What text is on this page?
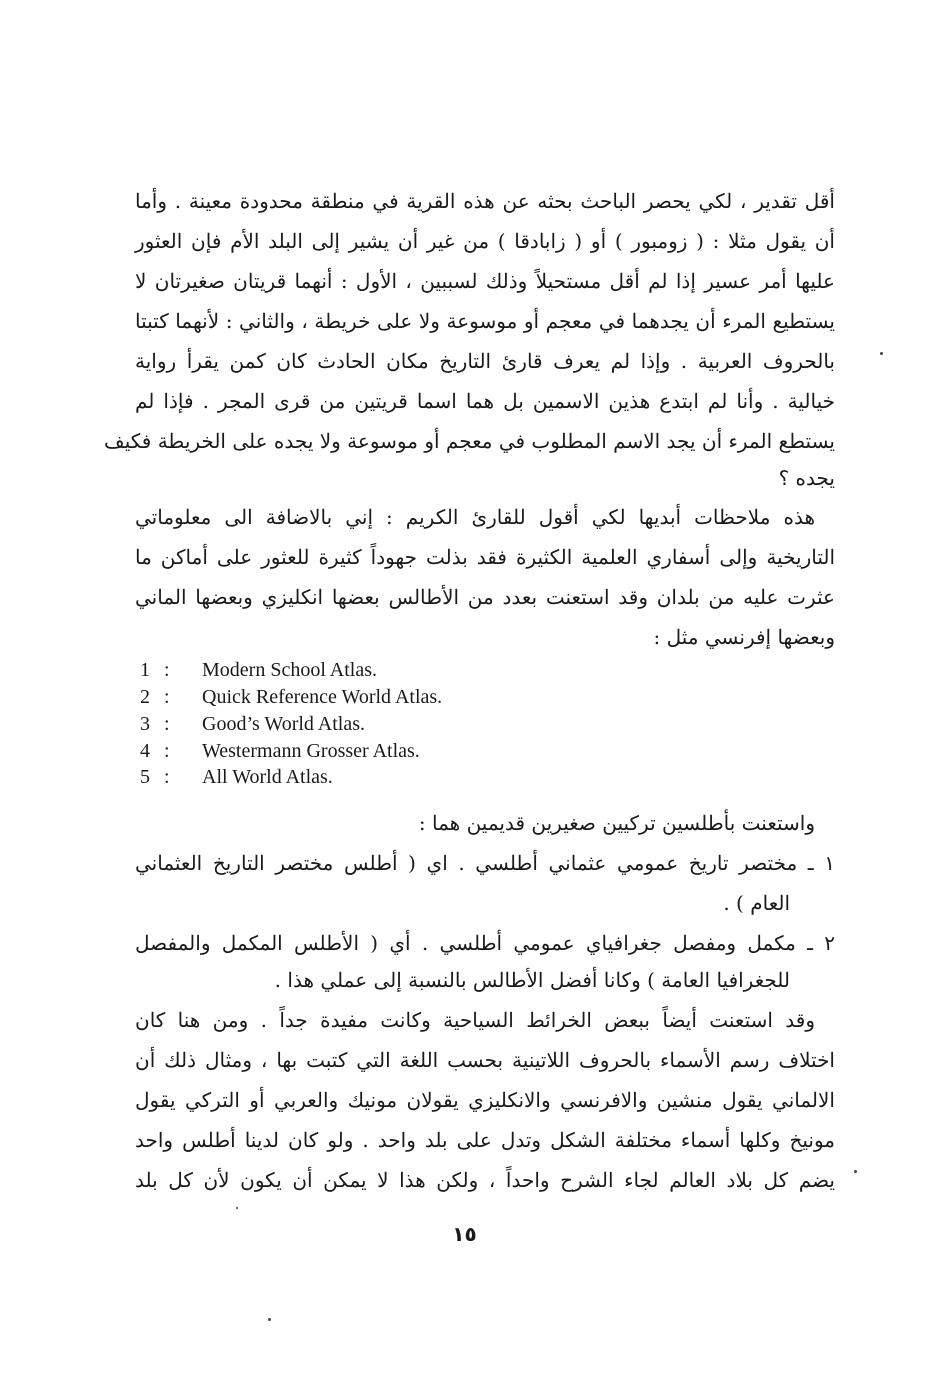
أقل تقدير ، لكي يحصر الباحث بحثه عن هذه القرية في منطقة محدودة معينة . وأما
أن يقول مثلا : ( زومبور ) أو ( زابادقا ) من غير أن يشير إلى البلد الأم فإن العثور
عليها أمر عسير إذا لم أقل مستحيلاً وذلك لسببين ، الأول : أنهما قريتان صغيرتان لا
يستطيع المرء أن يجدهما في معجم أو موسوعة ولا على خريطة ، والثاني : لأنهما كتبتا
بالحروف العربية . وإذا لم يعرف قارئ التاريخ مكان الحادث كان كمن يقرأ رواية
خيالية . وأنا لم ابتدع هذين الاسمين بل هما اسما قريتين من قرى المجر . فإذا لم
يستطع المرء أن يجد الاسم المطلوب في معجم أو موسوعة ولا يجده على الخريطة فكيف
يجده ؟
هذه ملاحظات أبديها لكي أقول للقارئ الكريم : إني بالاضافة الى معلوماتي
التاريخية وإلى أسفاري العلمية الكثيرة فقد بذلت جهوداً كثيرة للعثور على أماكن ما
عثرت عليه من بلدان وقد استعنت بعدد من الأطالس بعضها انكليزي وبعضها الماني
وبعضها إفرنسي مثل :
1 : Modern School Atlas.
2 : Quick Reference World Atlas.
3 : Good’s World Atlas.
4 : Westermann Grosser Atlas.
5 : All World Atlas.
واستعنت بأطلسين تركيين صغيرين قديمين هما :
١ ـ مختصر تاريخ عمومي عثماني أطلسي . اي ( أطلس مختصر التاريخ العثماني
العام ) .
٢ ـ مكمل ومفصل جغرافياي عمومي أطلسي . أي ( الأطلس المكمل والمفصل
للجغرافيا العامة ) وكانا أفضل الأطالس بالنسبة إلى عملي هذا .
وقد استعنت أيضاً ببعض الخرائط السياحية وكانت مفيدة جداً . ومن هنا كان
اختلاف رسم الأسماء بالحروف اللاتينية بحسب اللغة التي كتبت بها ، ومثال ذلك أن
الالماني يقول منشين والافرنسي والانكليزي يقولان مونيك والعربي أو التركي يقول
مونيخ وكلها أسماء مختلفة الشكل وتدل على بلد واحد . ولو كان لدينا أطلس واحد
يضم كل بلاد العالم لجاء الشرح واحداً ، ولكن هذا لا يمكن أن يكون لأن كل بلد
١٥
